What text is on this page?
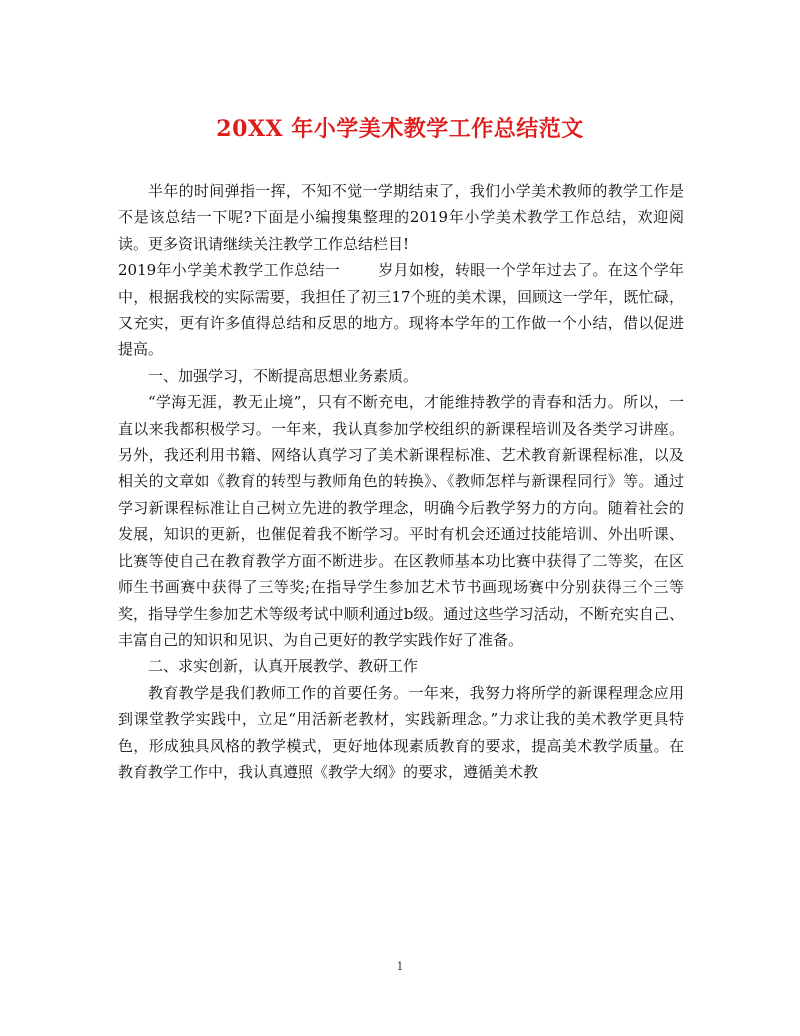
20XX 年小学美术教学工作总结范文

半年的时间弹指一挥，不知不觉一学期结束了，我们小学美术教师的教学工作是不是该总结一下呢?下面是小编搜集整理的2019年小学美术教学工作总结，欢迎阅读。更多资讯请继续关注教学工作总结栏目!

2019年小学美术教学工作总结一	岁月如梭，转眼一个学年过去了。在这个学年中，根据我校的实际需要，我担任了初三17个班的美术课，回顾这一学年，既忙碌，又充实，更有许多值得总结和反思的地方。现将本学年的工作做一个小结，借以促进提高。

一、加强学习，不断提高思想业务素质。

“学海无涯，教无止境”，只有不断充电，才能维持教学的青春和活力。所以，一直以来我都积极学习。一年来，我认真参加学校组织的新课程培训及各类学习讲座。另外，我还利用书籍、网络认真学习了美术新课程标准、艺术教育新课程标准，以及相关的文章如《教育的转型与教师角色的转换》、《教师怎样与新课程同行》等。通过学习新课程标准让自己树立先进的教学理念，明确今后教学努力的方向。随着社会的发展，知识的更新，也催促着我不断学习。平时有机会还通过技能培训、外出听课、比赛等使自己在教育教学方面不断进步。在区教师基本功比赛中获得了二等奖，在区师生书画赛中获得了三等奖;在指导学生参加艺术节书画现场赛中分别获得三个三等奖，指导学生参加艺术等级考试中顺利通过b级。通过这些学习活动，不断充实自己、丰富自己的知识和见识、为自己更好的教学实践作好了准备。

二、求实创新，认真开展教学、教研工作

教育教学是我们教师工作的首要任务。一年来，我努力将所学的新课程理念应用到课堂教学实践中，立足“用活新老教材，实践新理念。”力求让我的美术教学更具特色，形成独具风格的教学模式，更好地体现素质教育的要求，提高美术教学质量。在教育教学工作中，我认真遵照《教学大纲》的要求，遵循美术教

1
